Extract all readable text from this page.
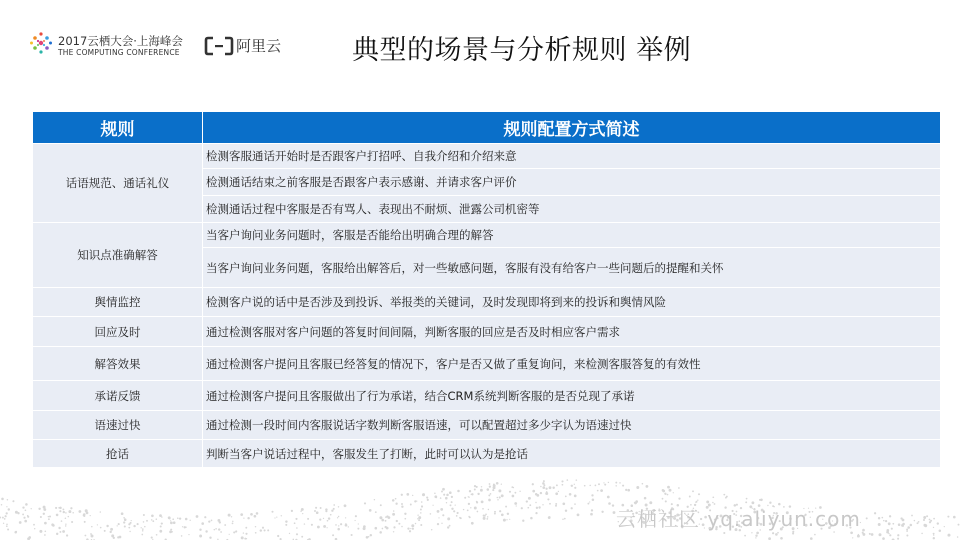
2017云栖大会·上海峰会
THE COMPUTING CONFERENCE	阿里云	典型的场景与分析规则 举例
规则	规则配置方式简述
话语规范、通话礼仪	检测客服通话开始时是否跟客户打招呼、自我介绍和介绍来意
	检测通话结束之前客服是否跟客户表示感谢、并请求客户评价
	检测通话过程中客服是否有骂人、表现出不耐烦、泄露公司机密等
知识点准确解答	当客户询问业务问题时，客服是否能给出明确合理的解答
	当客户询问业务问题，客服给出解答后，对一些敏感问题，客服有没有给客户一些问题后的提醒和关怀
舆情监控	检测客户说的话中是否涉及到投诉、举报类的关键词，及时发现即将到来的投诉和舆情风险
回应及时	通过检测客服对客户问题的答复时间间隔，判断客服的回应是否及时相应客户需求
解答效果	通过检测客户提问且客服已经答复的情况下，客户是否又做了重复询问，来检测客服答复的有效性
承诺反馈	通过检测客户提问且客服做出了行为承诺，结合CRM系统判断客服的是否兑现了承诺
语速过快	通过检测一段时间内客服说话字数判断客服语速，可以配置超过多少字认为语速过快
抢话	判断当客户说话过程中，客服发生了打断，此时可以认为是抢话
云栖社区 yq.aliyun.com
